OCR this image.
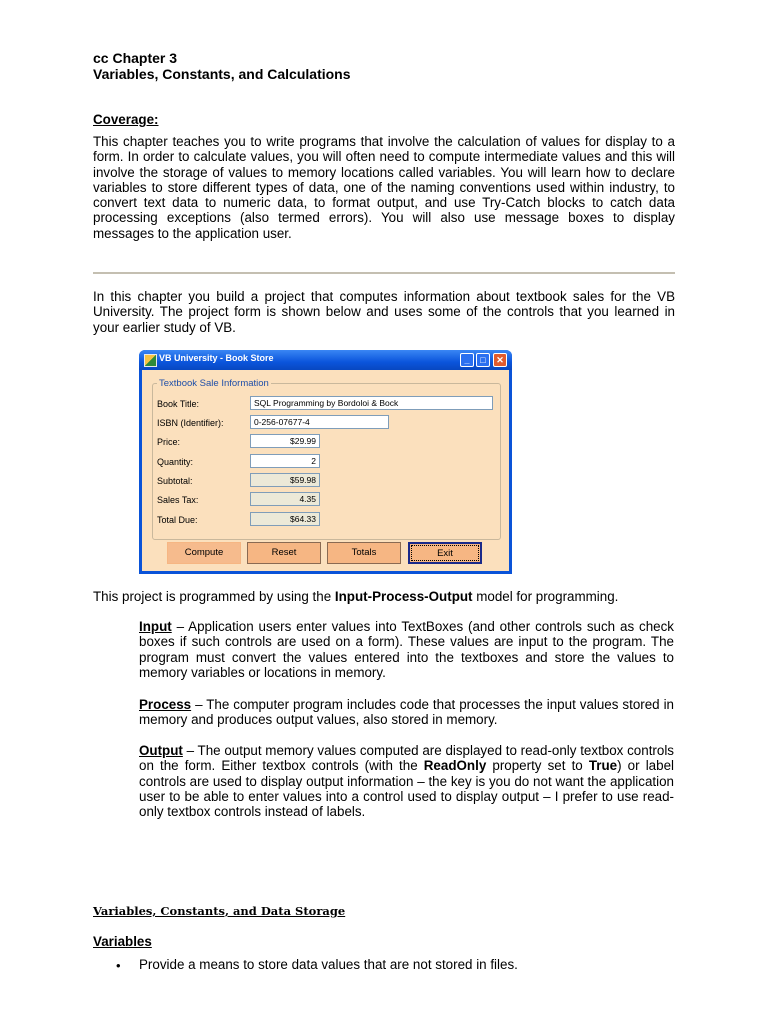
cc Chapter 3
Variables, Constants, and Calculations
Coverage:
This chapter teaches you to write programs that involve the calculation of values for display to a form. In order to calculate values, you will often need to compute intermediate values and this will involve the storage of values to memory locations called variables. You will learn how to declare variables to store different types of data, one of the naming conventions used within industry, to convert text data to numeric data, to format output, and use Try-Catch blocks to catch data processing exceptions (also termed errors). You will also use message boxes to display messages to the application user.
In this chapter you build a project that computes information about textbook sales for the VB University. The project form is shown below and uses some of the controls that you learned in your earlier study of VB.
VB University - Book Store	_	□	✕
Textbook Sale Information
Book Title:	SQL Programming by Bordoloi & Bock
ISBN (Identifier):	0-256-07677-4
Price:	$29.99
Quantity:	2
Subtotal:	$59.98
Sales Tax:	4.35
Total Due:	$64.33
Compute	Reset	Totals	Exit
This project is programmed by using the Input-Process-Output model for programming.
Input – Application users enter values into TextBoxes (and other controls such as check boxes if such controls are used on a form). These values are input to the program. The program must convert the values entered into the textboxes and store the values to memory variables or locations in memory.
Process – The computer program includes code that processes the input values stored in memory and produces output values, also stored in memory.
Output – The output memory values computed are displayed to read-only textbox controls on the form. Either textbox controls (with the ReadOnly property set to True) or label controls are used to display output information – the key is you do not want the application user to be able to enter values into a control used to display output – I prefer to use read-only textbox controls instead of labels.
Variables, Constants, and Data Storage
Variables
• Provide a means to store data values that are not stored in files.
